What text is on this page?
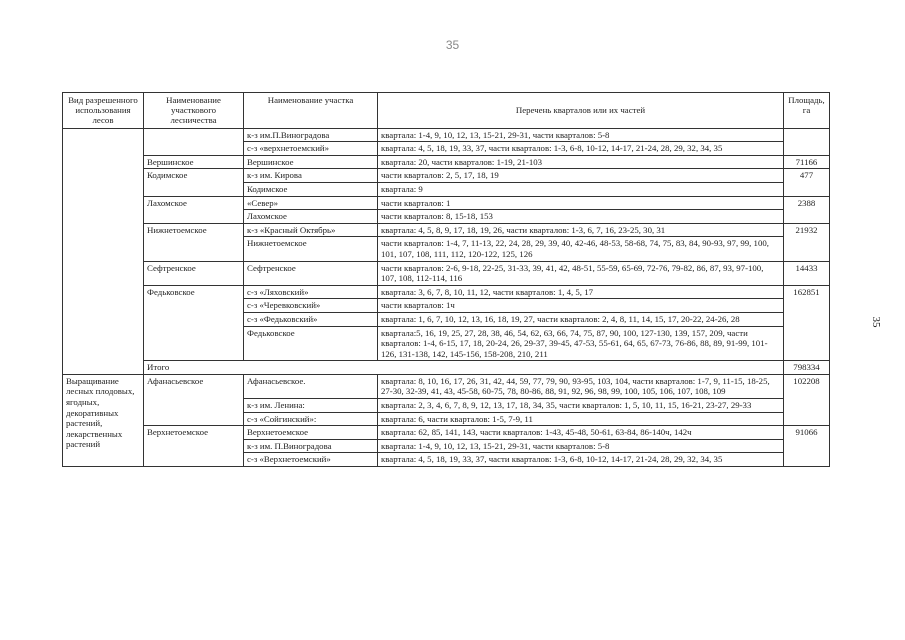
35
35
Вид разрешенного использования лесов	Наименование участкового лесничества	Наименование участка	Перечень кварталов или их частей	Площадь, га
		к-з им.П.Виноградова	квартала: 1-4, 9, 10, 12, 13, 15-21, 29-31, части кварталов: 5-8	
		с-з «верхнетоемский»	квартала: 4, 5, 18, 19, 33, 37, части кварталов: 1-3, 6-8, 10-12, 14-17, 21-24, 28, 29, 32, 34, 35	
	Вершинское	Вершинское	квартала: 20, части кварталов: 1-19, 21-103	71166
	Кодимское	к-з им. Кирова	части кварталов: 2, 5, 17, 18, 19	477
		Кодимское	квартала: 9	
	Лахомское	«Север»	части кварталов: 1	2388
		Лахомское	части кварталов: 8, 15-18, 153	
	Нижнетоемское	к-з «Красный Октябрь»	квартала: 4, 5, 8, 9, 17, 18, 19, 26, части кварталов: 1-3, 6, 7, 16, 23-25, 30, 31	21932
		Нижнетоемское	части кварталов: 1-4, 7, 11-13, 22, 24, 28, 29, 39, 40, 42-46, 48-53, 58-68, 74, 75, 83, 84, 90-93, 97, 99, 100, 101, 107, 108, 111, 112, 120-122, 125, 126	
	Сефтренское	Сефтренское	части кварталов: 2-6, 9-18, 22-25, 31-33, 39, 41, 42, 48-51, 55-59, 65-69, 72-76, 79-82, 86, 87, 93, 97-100, 107, 108, 112-114, 116	14433
	Федьковское	с-з «Ляховский»	квартала: 3, 6, 7, 8, 10, 11, 12, части кварталов: 1, 4, 5, 17	162851
		с-з «Черевковский»	части кварталов: 1ч	
		с-з «Федьковский»	квартала: 1, 6, 7, 10, 12, 13, 16, 18, 19, 27, части кварталов: 2, 4, 8, 11, 14, 15, 17, 20-22, 24-26, 28	
		Федьковское	квартала:5, 16, 19, 25, 27, 28, 38, 46, 54, 62, 63, 66, 74, 75, 87, 90, 100, 127-130, 139, 157, 209, части кварталов: 1-4, 6-15, 17, 18, 20-24, 26, 29-37, 39-45, 47-53, 55-61, 64, 65, 67-73, 76-86, 88, 89, 91-99, 101-126, 131-138, 142, 145-156, 158-208, 210, 211	
	Итого			798334
Выращивание лесных плодовых, ягодных, декоративных растений, лекарственных растений	Афанасьевское	Афанасьевское.	квартала: 8, 10, 16, 17, 26, 31, 42, 44, 59, 77, 79, 90, 93-95, 103, 104, части кварталов: 1-7, 9, 11-15, 18-25, 27-30, 32-39, 41, 43, 45-58, 60-75, 78, 80-86, 88, 91, 92, 96, 98, 99, 100, 105, 106, 107, 108, 109	102208
		к-з им. Ленина:	квартала: 2, 3, 4, 6, 7, 8, 9, 12, 13, 17, 18, 34, 35, части кварталов: 1, 5, 10, 11, 15, 16-21, 23-27, 29-33	
		с-з «Сойгинский»:	квартала: 6, части кварталов: 1-5, 7-9, 11	
	Верхнетоемское	Верхнетоемское	квартала: 62, 85, 141, 143, части кварталов: 1-43, 45-48, 50-61, 63-84, 86-140ч, 142ч	91066
		к-з им. П.Виноградова	квартала: 1-4, 9, 10, 12, 13, 15-21, 29-31, части кварталов: 5-8	
		с-з «Верхнетоемский»	квартала: 4, 5, 18, 19, 33, 37, части кварталов: 1-3, 6-8, 10-12, 14-17, 21-24, 28, 29, 32, 34, 35	
